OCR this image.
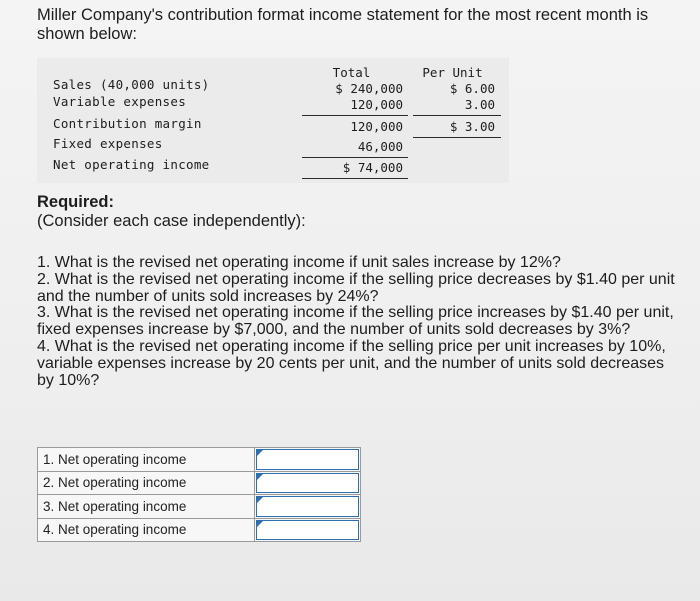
Miller Company's contribution format income statement for the most recent month is shown below:
Total	Per Unit
Sales (40,000 units)	$ 240,000	$ 6.00
Variable expenses	120,000	3.00
Contribution margin	120,000	$ 3.00
Fixed expenses	46,000
Net operating income	$ 74,000
Required:
(Consider each case independently):

1. What is the revised net operating income if unit sales increase by 12%?

2. What is the revised net operating income if the selling price decreases by $1.40 per unit and the number of units sold increases by 24%?

3. What is the revised net operating income if the selling price increases by $1.40 per unit, fixed expenses increase by $7,000, and the number of units sold decreases by 3%?

4. What is the revised net operating income if the selling price per unit increases by 10%, variable expenses increase by 20 cents per unit, and the number of units sold decreases by 10%?

1. Net operating income	

2. Net operating income	

3. Net operating income	

4. Net operating income	
